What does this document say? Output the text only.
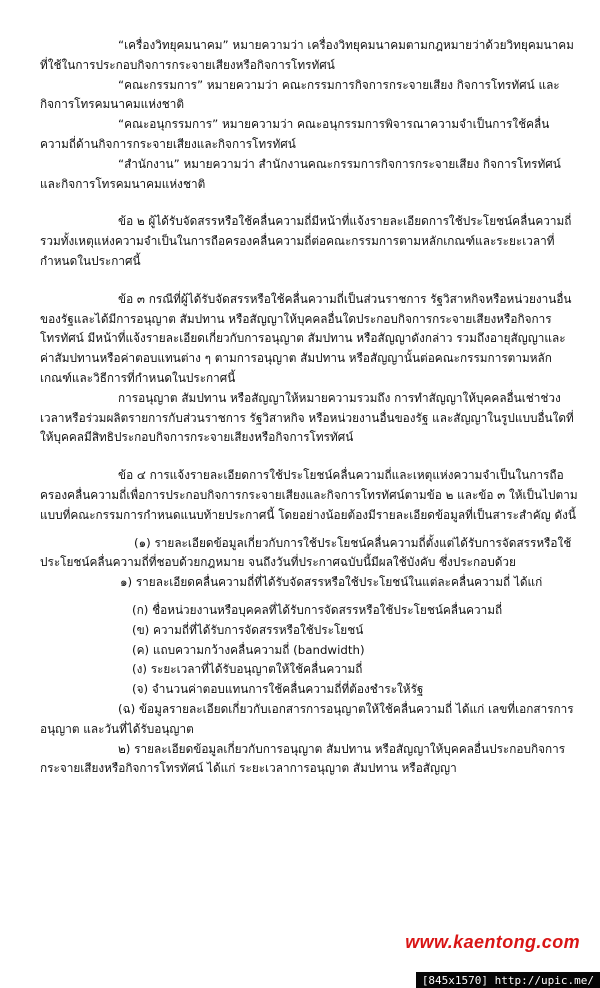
“เครื่องวิทยุคมนาคม” หมายความว่า เครื่องวิทยุคมนาคมตามกฎหมายว่าด้วยวิทยุคมนาคม ที่ใช้ในการประกอบกิจการกระจายเสียงหรือกิจการโทรทัศน์

“คณะกรรมการ” หมายความว่า คณะกรรมการกิจการกระจายเสียง กิจการโทรทัศน์ และกิจการโทรคมนาคมแห่งชาติ

“คณะอนุกรรมการ” หมายความว่า คณะอนุกรรมการพิจารณาความจำเป็นการใช้คลื่นความถี่ด้านกิจการกระจายเสียงและกิจการโทรทัศน์

“สำนักงาน” หมายความว่า สำนักงานคณะกรรมการกิจการกระจายเสียง กิจการโทรทัศน์ และกิจการโทรคมนาคมแห่งชาติ

ข้อ ๒ ผู้ได้รับจัดสรรหรือใช้คลื่นความถี่มีหน้าที่แจ้งรายละเอียดการใช้ประโยชน์คลื่นความถี่ รวมทั้งเหตุแห่งความจำเป็นในการถือครองคลื่นความถี่ต่อคณะกรรมการตามหลักเกณฑ์และระยะเวลาที่กำหนดในประกาศนี้

ข้อ ๓ กรณีที่ผู้ได้รับจัดสรรหรือใช้คลื่นความถี่เป็นส่วนราชการ รัฐวิสาหกิจหรือหน่วยงานอื่นของรัฐและได้มีการอนุญาต สัมปทาน หรือสัญญาให้บุคคลอื่นใดประกอบกิจการกระจายเสียงหรือกิจการโทรทัศน์ มีหน้าที่แจ้งรายละเอียดเกี่ยวกับการอนุญาต สัมปทาน หรือสัญญาดังกล่าว รวมถึงอายุสัญญาและค่าสัมปทานหรือค่าตอบแทนต่าง ๆ ตามการอนุญาต สัมปทาน หรือสัญญานั้นต่อคณะกรรมการตามหลักเกณฑ์และวิธีการที่กำหนดในประกาศนี้

การอนุญาต สัมปทาน หรือสัญญาให้หมายความรวมถึง การทำสัญญาให้บุคคลอื่นเช่าช่วงเวลาหรือร่วมผลิตรายการกับส่วนราชการ รัฐวิสาหกิจ หรือหน่วยงานอื่นของรัฐ และสัญญาในรูปแบบอื่นใดที่ให้บุคคลมีสิทธิประกอบกิจการกระจายเสียงหรือกิจการโทรทัศน์

ข้อ ๔ การแจ้งรายละเอียดการใช้ประโยชน์คลื่นความถี่และเหตุแห่งความจำเป็นในการถือครองคลื่นความถี่เพื่อการประกอบกิจการกระจายเสียงและกิจการโทรทัศน์ตามข้อ ๒ และข้อ ๓ ให้เป็นไปตามแบบที่คณะกรรมการกำหนดแนบท้ายประกาศนี้ โดยอย่างน้อยต้องมีรายละเอียดข้อมูลที่เป็นสาระสำคัญ ดังนี้

(๑) รายละเอียดข้อมูลเกี่ยวกับการใช้ประโยชน์คลื่นความถี่ตั้งแต่ได้รับการจัดสรรหรือใช้ประโยชน์คลื่นความถี่ที่ชอบด้วยกฎหมาย จนถึงวันที่ประกาศฉบับนี้มีผลใช้บังคับ ซึ่งประกอบด้วย

๑) รายละเอียดคลื่นความถี่ที่ได้รับจัดสรรหรือใช้ประโยชน์ในแต่ละคลื่นความถี่ ได้แก่

(ก) ชื่อหน่วยงานหรือบุคคลที่ได้รับการจัดสรรหรือใช้ประโยชน์คลื่นความถี่

(ข) ความถี่ที่ได้รับการจัดสรรหรือใช้ประโยชน์

(ค) แถบความกว้างคลื่นความถี่ (bandwidth)

(ง) ระยะเวลาที่ได้รับอนุญาตให้ใช้คลื่นความถี่

(จ) จำนวนค่าตอบแทนการใช้คลื่นความถี่ที่ต้องชำระให้รัฐ

(ฉ) ข้อมูลรายละเอียดเกี่ยวกับเอกสารการอนุญาตให้ใช้คลื่นความถี่ ได้แก่ เลขที่เอกสารการอนุญาต และวันที่ได้รับอนุญาต

๒) รายละเอียดข้อมูลเกี่ยวกับการอนุญาต สัมปทาน หรือสัญญาให้บุคคลอื่นประกอบกิจการกระจายเสียงหรือกิจการโทรทัศน์ ได้แก่ ระยะเวลาการอนุญาต สัมปทาน หรือสัญญา

www.kaentong.com
[845x1570] http://upic.me/
